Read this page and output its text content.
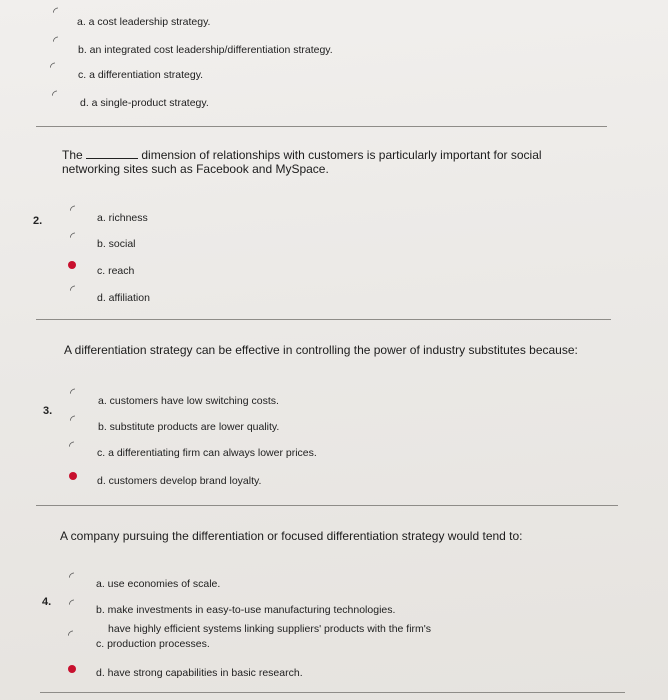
◜
a. a cost leadership strategy.
◜
b. an integrated cost leadership/differentiation strategy.
◜
c. a differentiation strategy.
◜
d. a single-product strategy.
The	dimension of relationships with customers is particularly important for social
networking sites such as Facebook and MySpace.
2.
◜
a. richness
◜ b. social
c. reach
◜
d. affiliation
A differentiation strategy can be effective in controlling the power of industry substitutes because:
3.
◜
a. customers have low switching costs.
◜ b. substitute products are lower quality.
◜ c. a differentiating firm can always lower prices.
d. customers develop brand loyalty.
A company pursuing the differentiation or focused differentiation strategy would tend to:
4.
◜ a. use economies of scale.
◜ b. make investments in easy-to-use manufacturing technologies.
◜	have highly efficient systems linking suppliers' products with the firm's
c. production processes.
d. have strong capabilities in basic research.
